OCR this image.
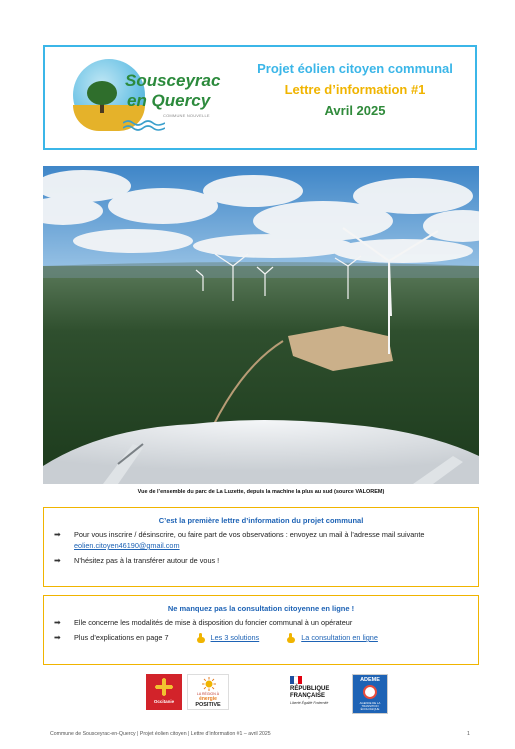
Sousceyrac
en Quercy
COMMUNE NOUVELLE
Projet éolien citoyen communal
Lettre d’information #1
Avril 2025
Vue de l’ensemble du parc de La Luzette, depuis la machine la plus au sud (source VALOREM)
C’est la première lettre d’information du projet communal
➡ Pour vous inscrire / désinscrire, ou faire part de vos observations : envoyez un mail à l’adresse mail suivante eolien.citoyen46190@gmail.com
➡ N’hésitez pas à la transférer autour de vous !
Ne manquez pas la consultation citoyenne en ligne !
➡ Elle concerne les modalités de mise à disposition du foncier communal à un opérateur
➡ Plus d’explications en page 7	Les 3 solutions	La consultation en ligne
Occitanie
LA RÉGION À
énergie
POSITIVE
RÉPUBLIQUE
FRANÇAISE
Liberté Égalité Fraternité
ADEME
AGENCE DE LA TRANSITION ÉCOLOGIQUE
Commune de Sousceyrac-en-Quercy | Projet éolien citoyen | Lettre d’information #1 – avril 2025	1
